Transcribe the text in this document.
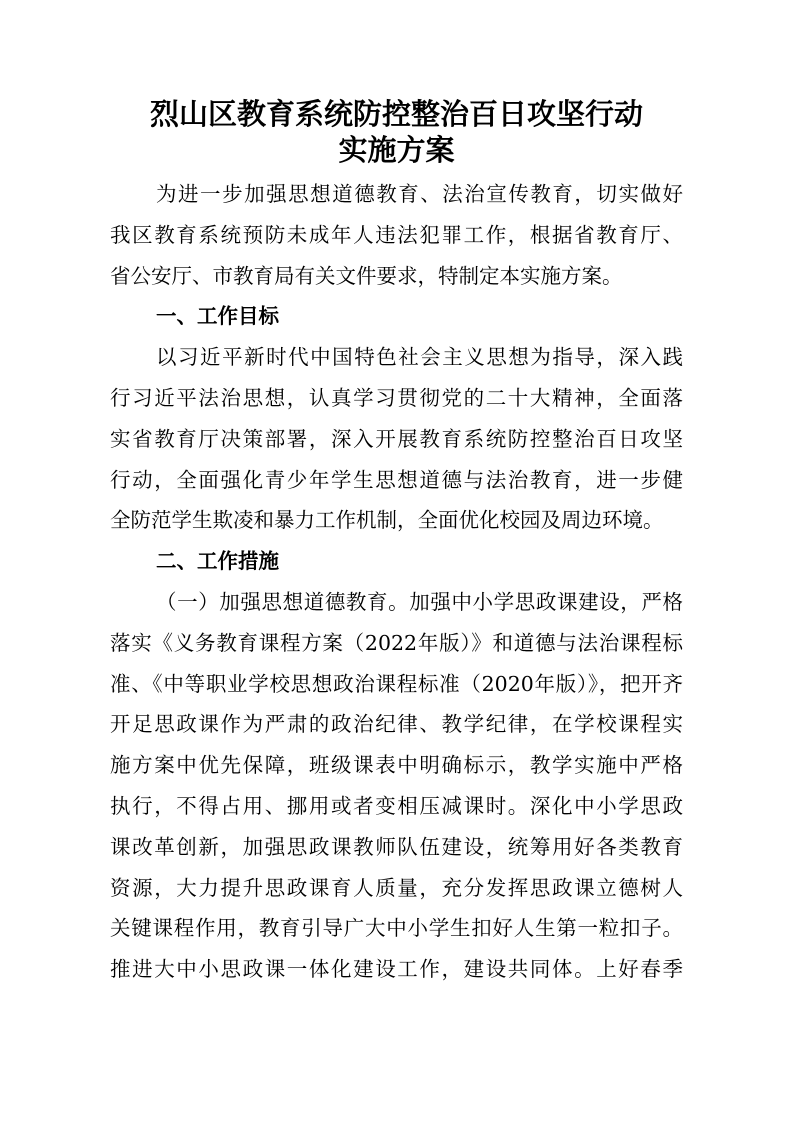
烈山区教育系统防控整治百日攻坚行动
实施方案
为进一步加强思想道德教育、法治宣传教育，切实做好
我区教育系统预防未成年人违法犯罪工作，根据省教育厅、
省公安厅、市教育局有关文件要求，特制定本实施方案。
一、工作目标
以习近平新时代中国特色社会主义思想为指导，深入践
行习近平法治思想，认真学习贯彻党的二十大精神，全面落
实省教育厅决策部署，深入开展教育系统防控整治百日攻坚
行动，全面强化青少年学生思想道德与法治教育，进一步健
全防范学生欺凌和暴力工作机制，全面优化校园及周边环境。
二、工作措施
（一）加强思想道德教育。加强中小学思政课建设，严格
落实《义务教育课程方案（2022年版）》和道德与法治课程标
准、《中等职业学校思想政治课程标准（2020年版）》，把开齐
开足思政课作为严肃的政治纪律、教学纪律，在学校课程实
施方案中优先保障，班级课表中明确标示，教学实施中严格
执行，不得占用、挪用或者变相压减课时。深化中小学思政
课改革创新，加强思政课教师队伍建设，统筹用好各类教育
资源，大力提升思政课育人质量，充分发挥思政课立德树人
关键课程作用，教育引导广大中小学生扣好人生第一粒扣子。
推进大中小思政课一体化建设工作，建设共同体。上好春季
